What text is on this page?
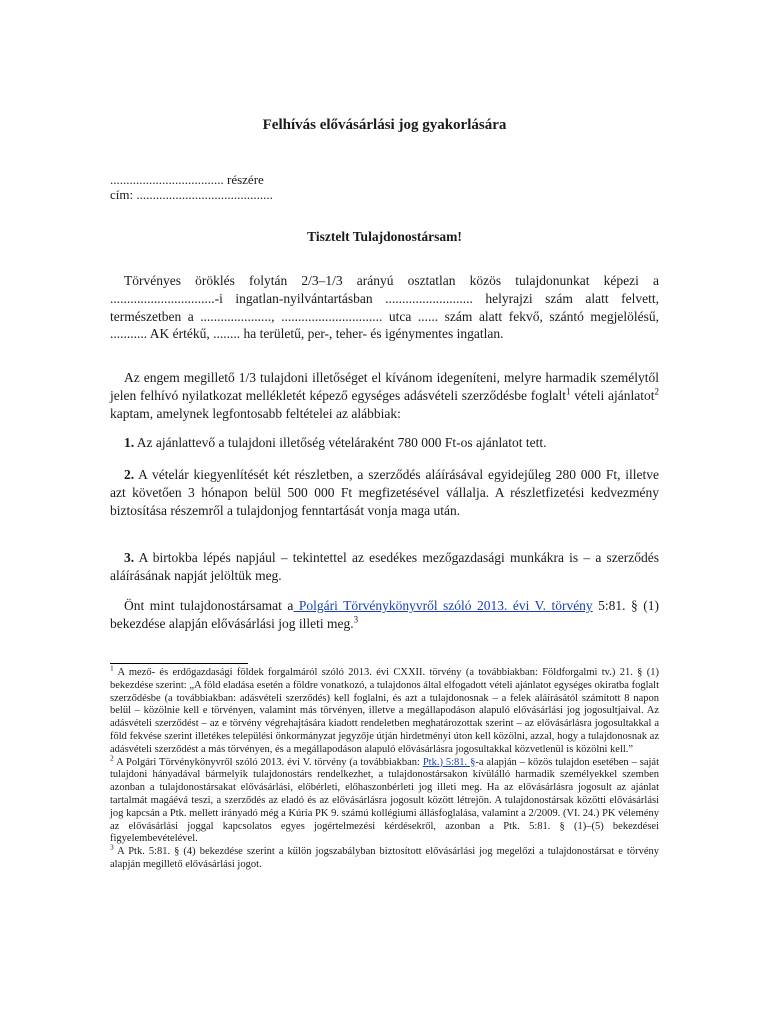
Felhívás elővásárlási jog gyakorlására
................................... részére
cím: ..........................................

Tisztelt Tulajdonostársam!

Törvényes öröklés folytán 2/3–1/3 arányú osztatlan közös tulajdonunkat képezi a ...............................-i ingatlan-nyilvántartásban .......................... helyrajzi szám alatt felvett, természetben a ....................., .............................. utca ...... szám alatt fekvő, szántó megjelölésű, ........... AK értékű, ........ ha területű, per-, teher- és igénymentes ingatlan.

Az engem megillető 1/3 tulajdoni illetőséget el kívánom idegeníteni, melyre harmadik személytől jelen felhívó nyilatkozat mellékletét képező egységes adásvételi szerződésbe foglalt$^1$ vételi ajánlatot$^2$ kaptam, amelynek legfontosabb feltételei az alábbiak:

1. Az ajánlattevő a tulajdoni illetőség vételáraként 780 000 Ft-os ajánlatot tett.

2. A vételár kiegyenlítését két részletben, a szerződés aláírásával egyidejűleg 280 000 Ft, illetve azt követően 3 hónapon belül 500 000 Ft megfizetésével vállalja. A részletfizetési kedvezmény biztosítása részemről a tulajdonjog fenntartását vonja maga után.

3. A birtokba lépés napjául – tekintettel az esedékes mezőgazdasági munkákra is – a szerződés aláírásának napját jelöltük meg.

Önt mint tulajdonostársamat a Polgári Törvénykönyvről szóló 2013. évi V. törvény 5:81. § (1) bekezdése alapján elővásárlási jog illeti meg.$^3$

$^1$ A mező- és erdőgazdasági földek forgalmáról szóló 2013. évi CXXII. törvény (a továbbiakban: Földforgalmi tv.) 21. § (1) bekezdése szerint: „A föld eladása esetén a földre vonatkozó, a tulajdonos által elfogadott vételi ajánlatot egységes okiratba foglalt szerződésbe (a továbbiakban: adásvételi szerződés) kell foglalni, és azt a tulajdonosnak – a felek aláírásától számított 8 napon belül – közölnie kell e törvényen, valamint más törvényen, illetve a megállapodáson alapuló elővásárlási jog jogosultjaival. Az adásvételi szerződést – az e törvény végrehajtására kiadott rendeletben meghatározottak szerint – az elővásárlásra jogosultakkal a föld fekvése szerint illetékes települési önkormányzat jegyzője útján hirdetményi úton kell közölni, azzal, hogy a tulajdonosnak az adásvételi szerződést a más törvényen, és a megállapodáson alapuló elővásárlásra jogosultakkal közvetlenül is közölni kell.”

$^2$ A Polgári Törvénykönyvről szóló 2013. évi V. törvény (a továbbiakban: Ptk.) 5:81. §-a alapján – közös tulajdon esetében – saját tulajdoni hányadával bármelyik tulajdonostárs rendelkezhet, a tulajdonostársakon kívülálló harmadik személyekkel szemben azonban a tulajdonostársakat elővásárlási, előbérleti, előhaszonbérleti jog illeti meg. Ha az elővásárlásra jogosult az ajánlat tartalmát magáévá teszi, a szerződés az eladó és az elővásárlásra jogosult között létrejön. A tulajdonostársak közötti elővásárlási jog kapcsán a Ptk. mellett irányadó még a Kúria PK 9. számú kollégiumi állásfoglalása, valamint a 2/2009. (VI. 24.) PK vélemény az elővásárlási joggal kapcsolatos egyes jogértelmezési kérdésekről, azonban a Ptk. 5:81. § (1)–(5) bekezdései figyelembevételével.

$^3$ A Ptk. 5:81. § (4) bekezdése szerint a külön jogszabályban biztosított elővásárlási jog megelőzi a tulajdonostársat e törvény alapján megillető elővásárlási jogot.
